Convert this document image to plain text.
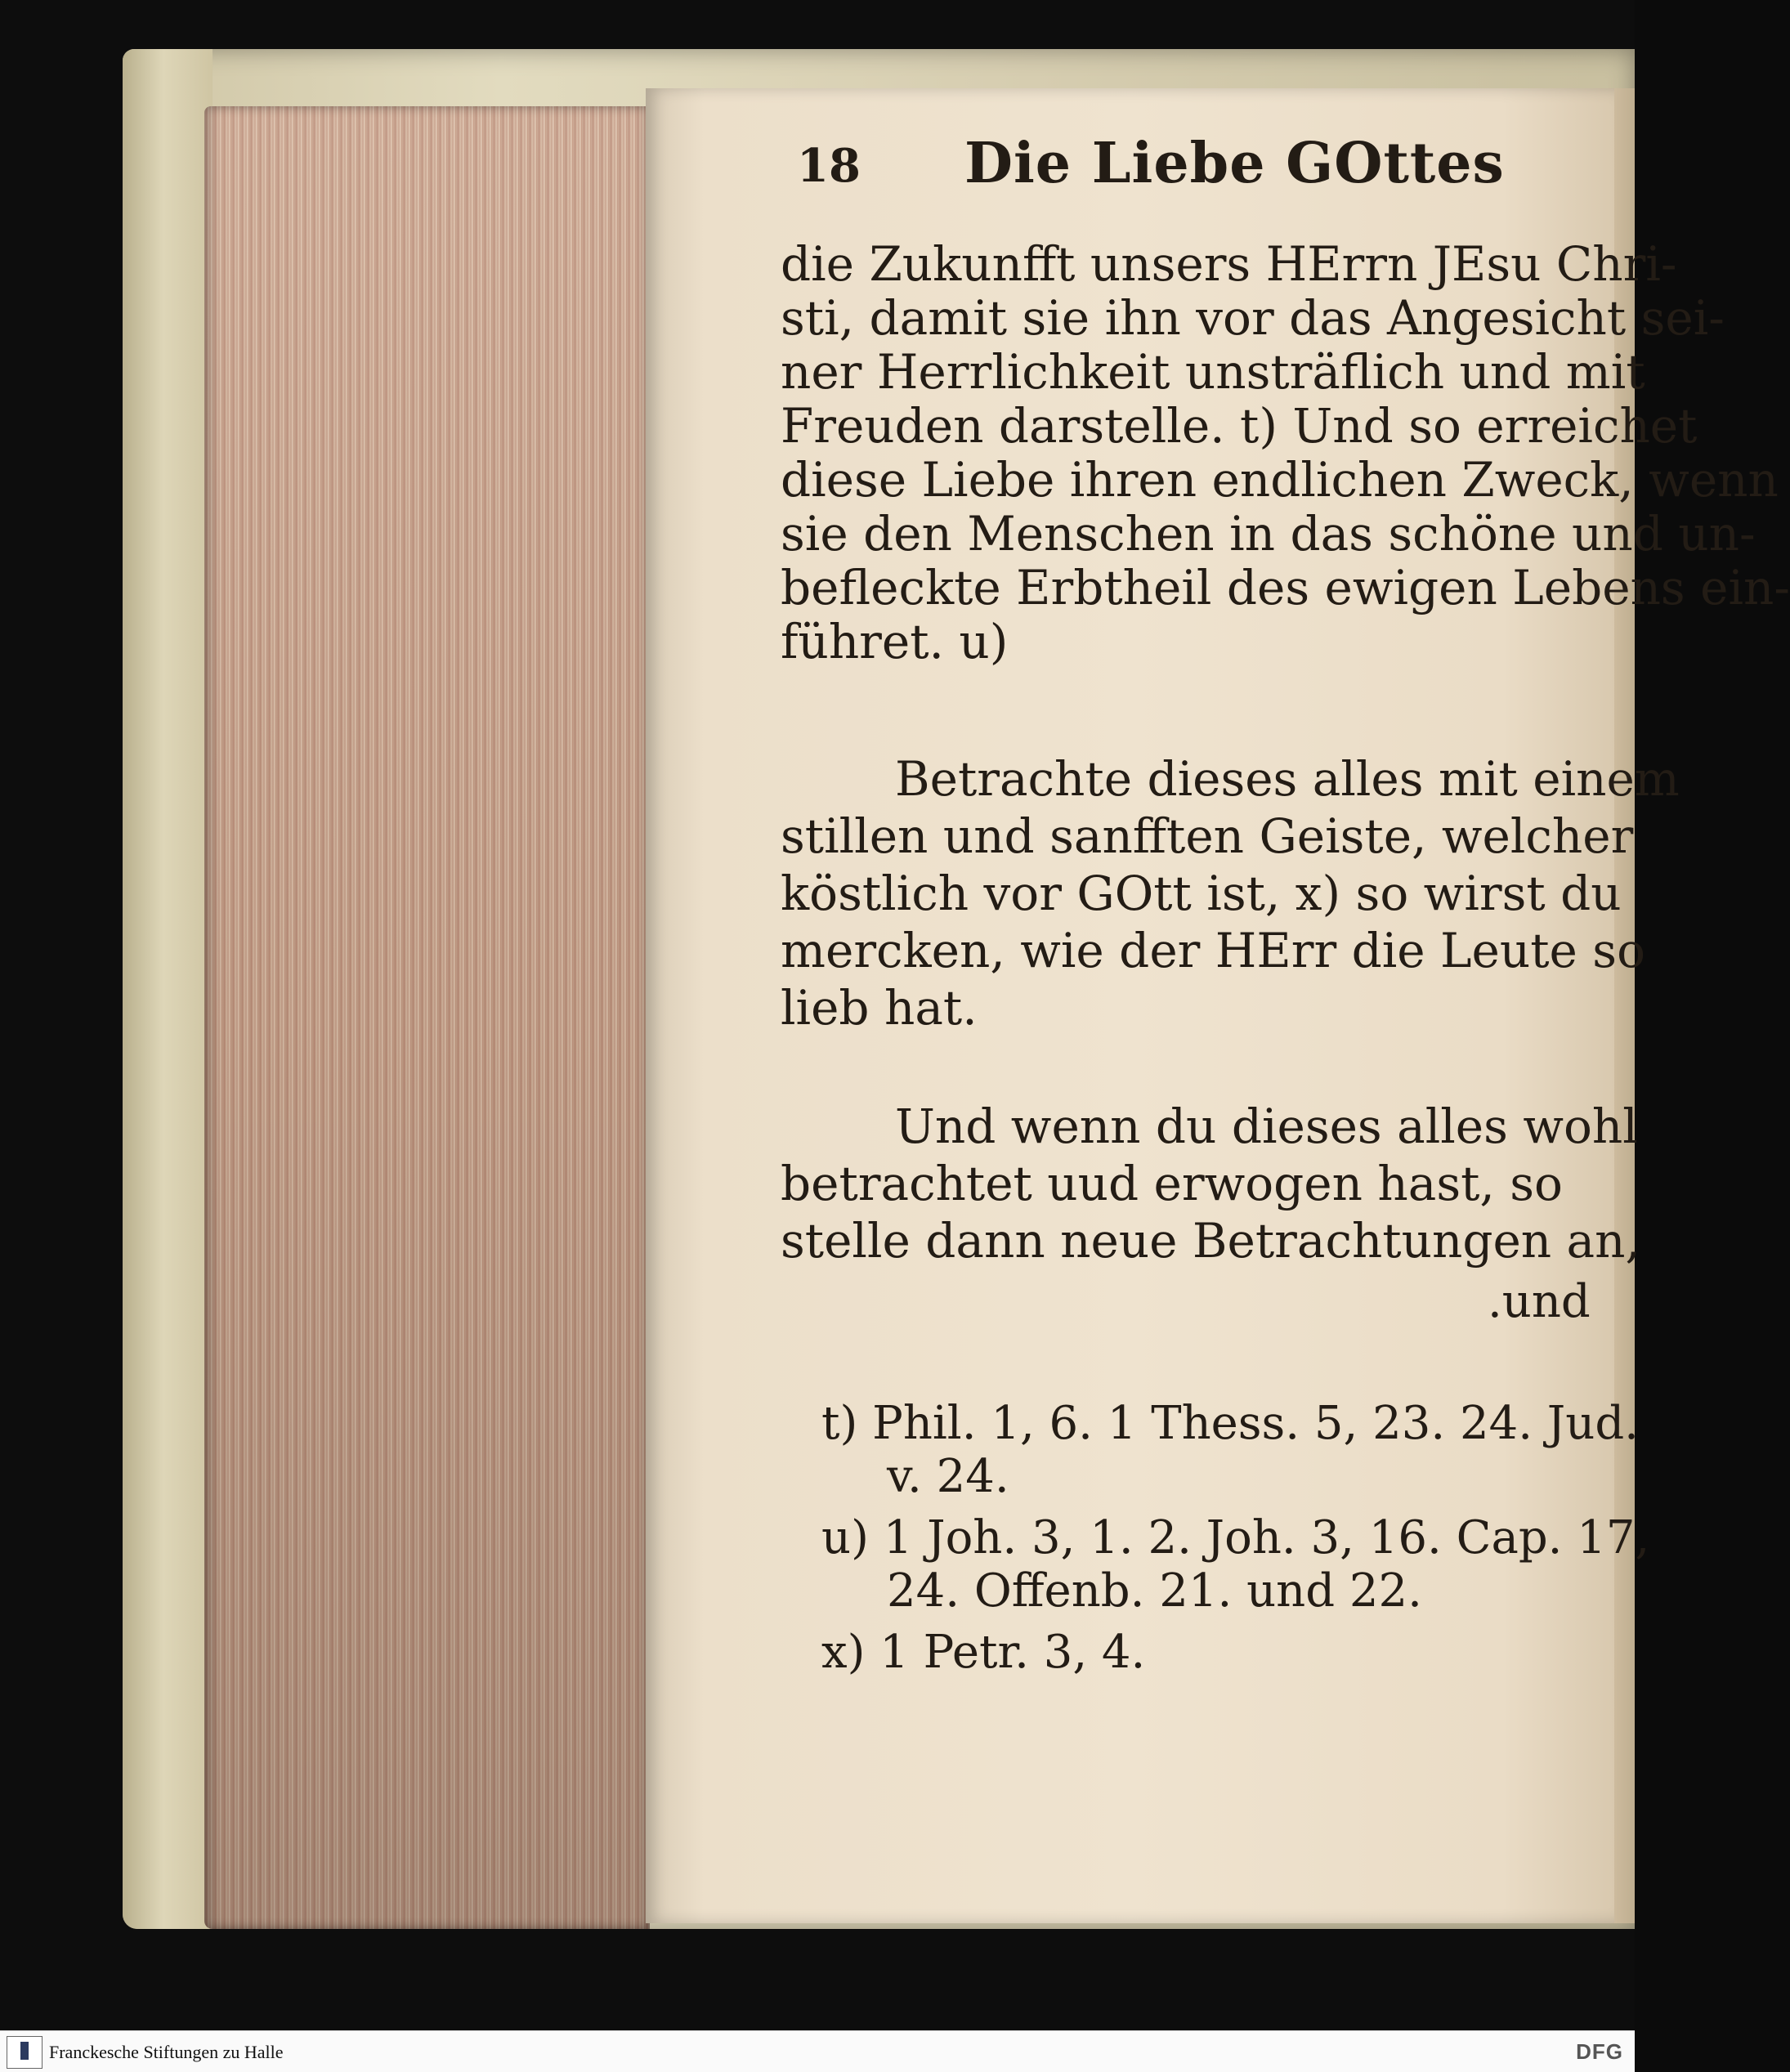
18 Die Liebe GOttes
die Zukunfft unsers HErrn JEsu Chri-
sti, damit sie ihn vor das Angesicht sei-
ner Herrlichkeit unsträflich und mit
Freuden darstelle. t) Und so erreichet
diese Liebe ihren endlichen Zweck, wenn
sie den Menschen in das schöne und un-
befleckte Erbtheil des ewigen Lebens ein-
führet. u)
Betrachte dieses alles mit einem
stillen und sanfften Geiste, welcher
köstlich vor GOtt ist, x) so wirst du
mercken, wie der HErr die Leute so
lieb hat.
Und wenn du dieses alles wohl
betrachtet uud erwogen hast, so
stelle dann neue Betrachtungen an,
.und
t) Phil. 1, 6. 1 Thess. 5, 23. 24. Jud.
v. 24.
u) 1 Joh. 3, 1. 2. Joh. 3, 16. Cap. 17,
24. Offenb. 21. und 22.
x) 1 Petr. 3, 4.
Franckesche Stiftungen zu Halle	DFG
